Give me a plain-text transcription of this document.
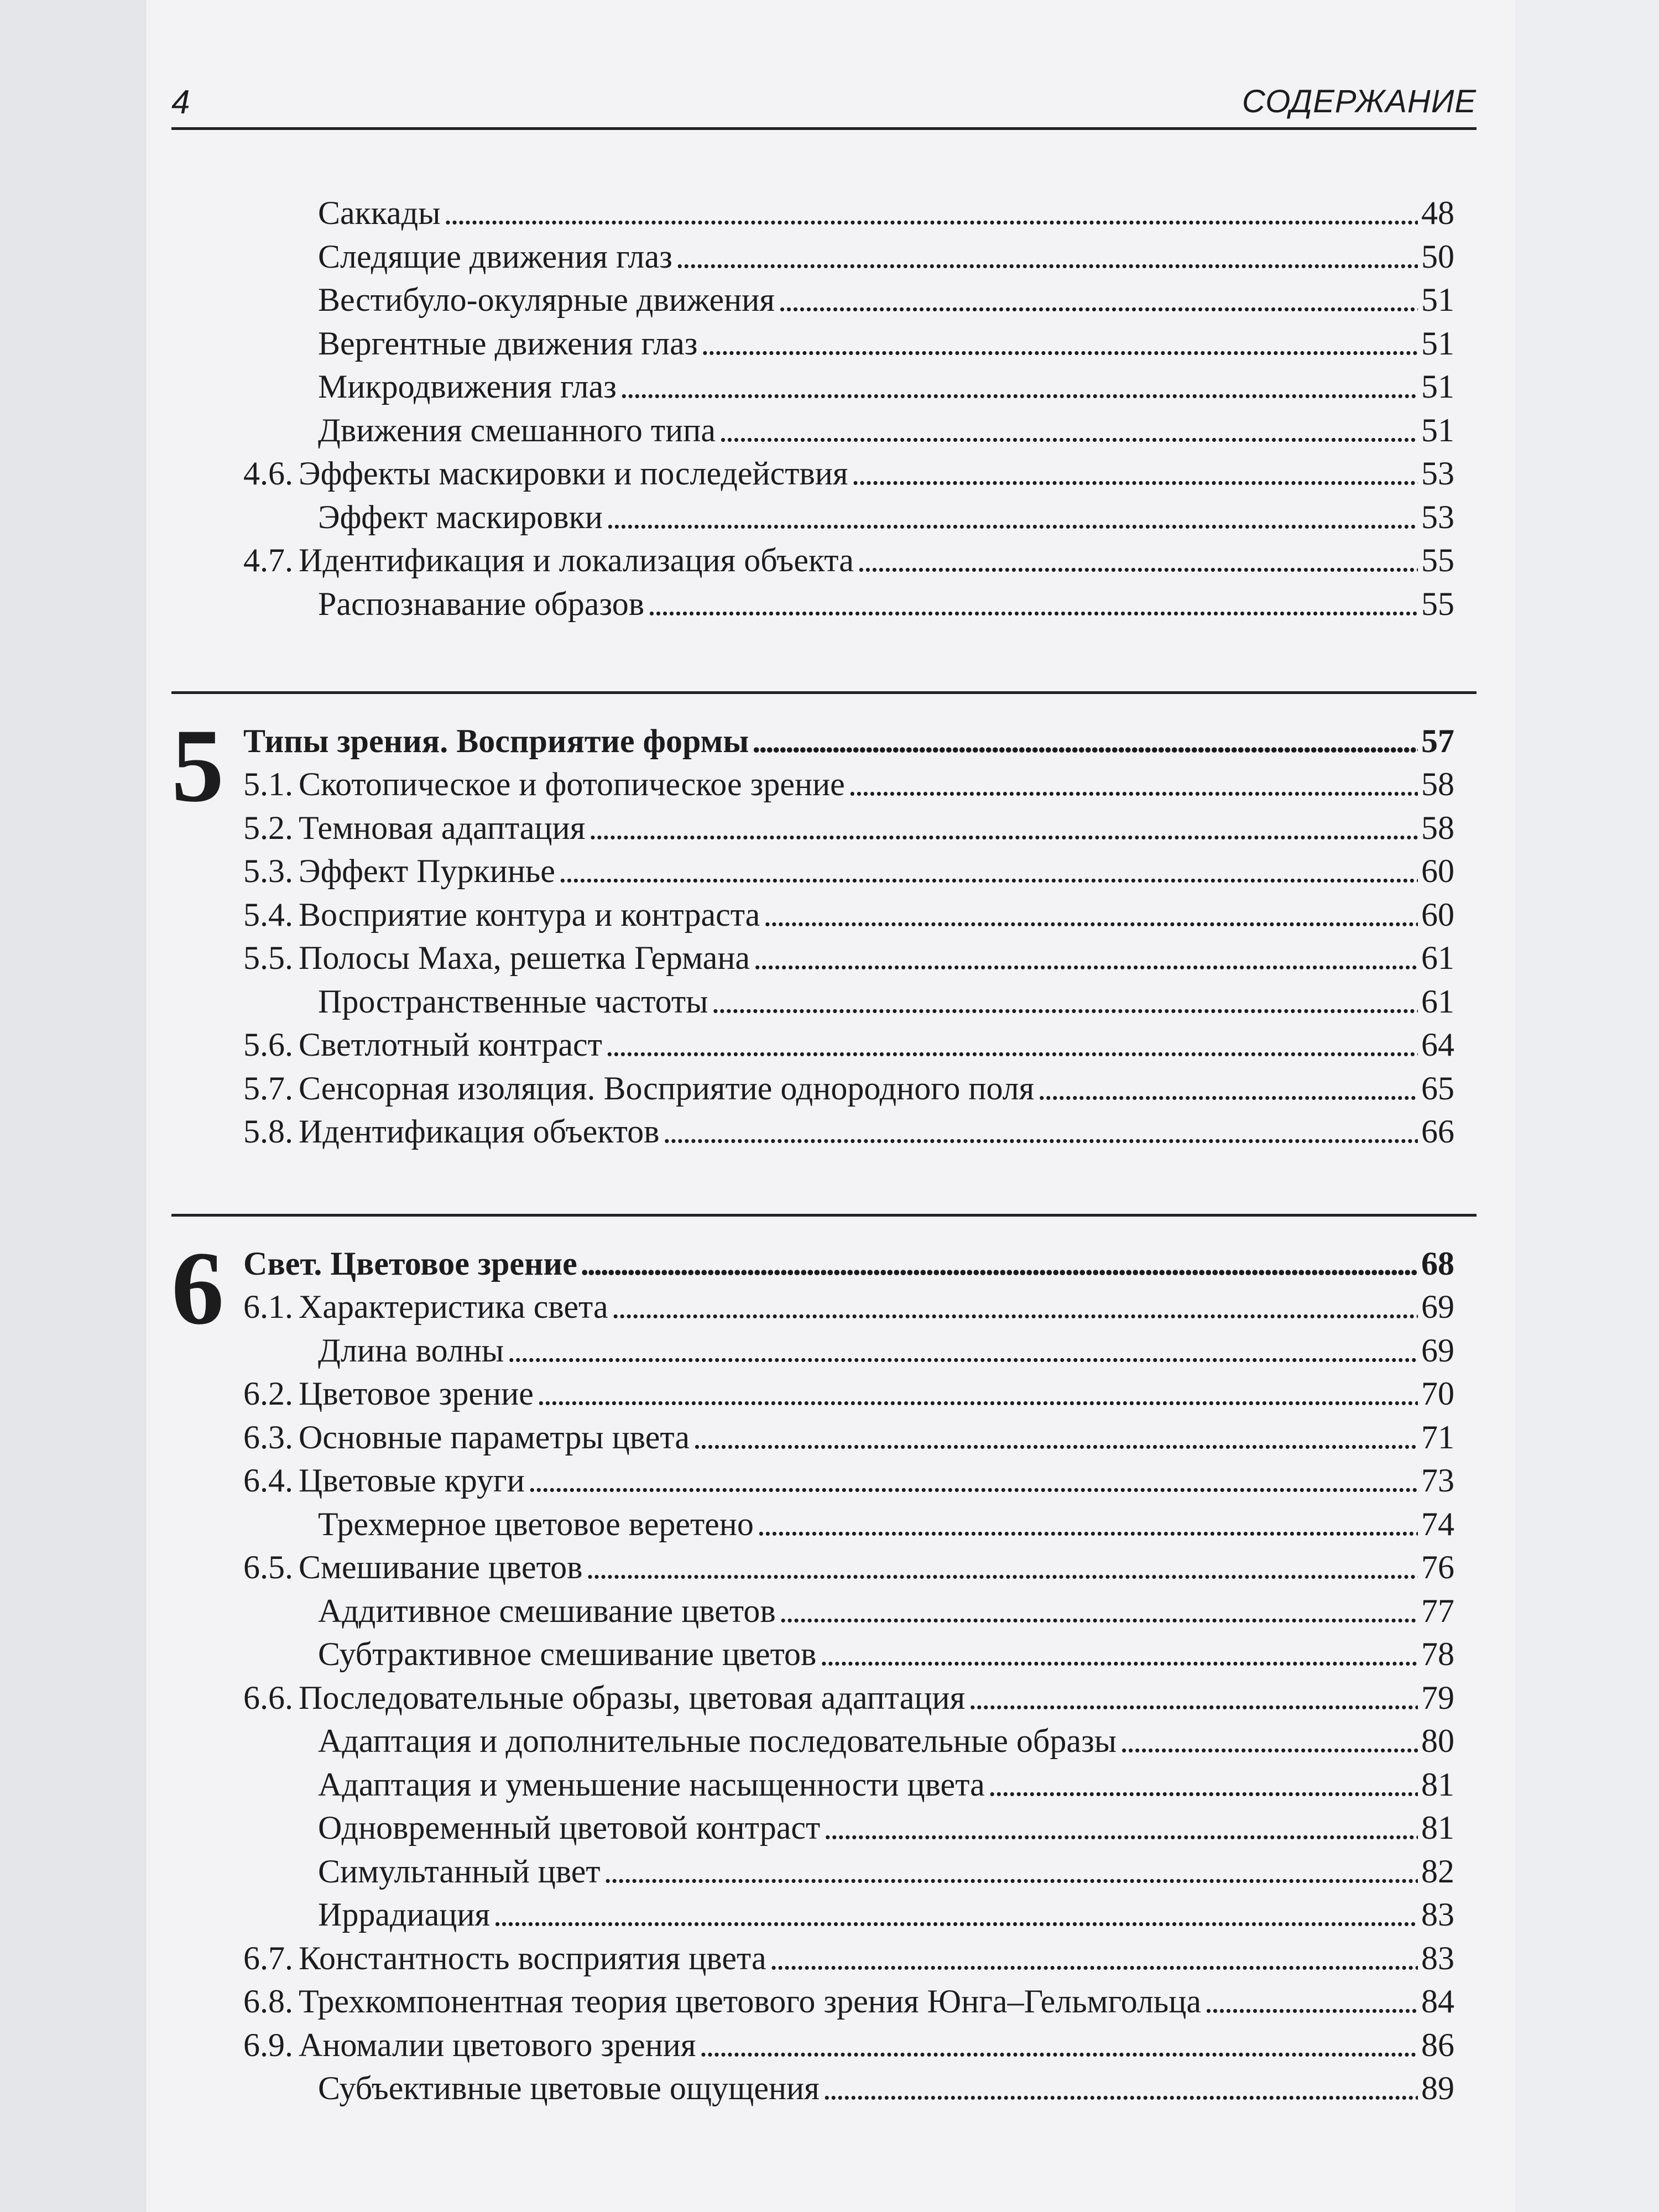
4	СОДЕРЖАНИЕ
Саккады . . .	48
Следящие движения глаз . . .	50
Вестибуло-окулярные движения . . .	51
Вергентные движения глаз . . .	51
Микродвижения глаз . . .	51
Движения смешанного типа . . .	51
4.6. Эффекты маскировки и последействия . . .	53
Эффект маскировки . . .	53
4.7. Идентификация и локализация объекта . . .	55
Распознавание образов . . .	55
5 Типы зрения. Восприятие формы . . .	57
5.1. Скотопическое и фотопическое зрение . . .	58
5.2. Темновая адаптация . . .	58
5.3. Эффект Пуркинье . . .	60
5.4. Восприятие контура и контраста . . .	60
5.5. Полосы Маха, решетка Германа . . .	61
Пространственные частоты . . .	61
5.6. Светлотный контраст . . .	64
5.7. Сенсорная изоляция. Восприятие однородного поля . . .	65
5.8. Идентификация объектов . . .	66
6 Свет. Цветовое зрение . . .	68
6.1. Характеристика света . . .	69
Длина волны . . .	69
6.2. Цветовое зрение . . .	70
6.3. Основные параметры цвета . . .	71
6.4. Цветовые круги . . .	73
Трехмерное цветовое веретено . . .	74
6.5. Смешивание цветов . . .	76
Аддитивное смешивание цветов . . .	77
Субтрактивное смешивание цветов . . .	78
6.6. Последовательные образы, цветовая адаптация . . .	79
Адаптация и дополнительные последовательные образы . . .	80
Адаптация и уменьшение насыщенности цвета . . .	81
Одновременный цветовой контраст . . .	81
Симультанный цвет . . .	82
Иррадиация . . .	83
6.7. Константность восприятия цвета . . .	83
6.8. Трехкомпонентная теория цветового зрения Юнга–Гельмгольца . . .	84
6.9. Аномалии цветового зрения . . .	86
Субъективные цветовые ощущения . . .	89
